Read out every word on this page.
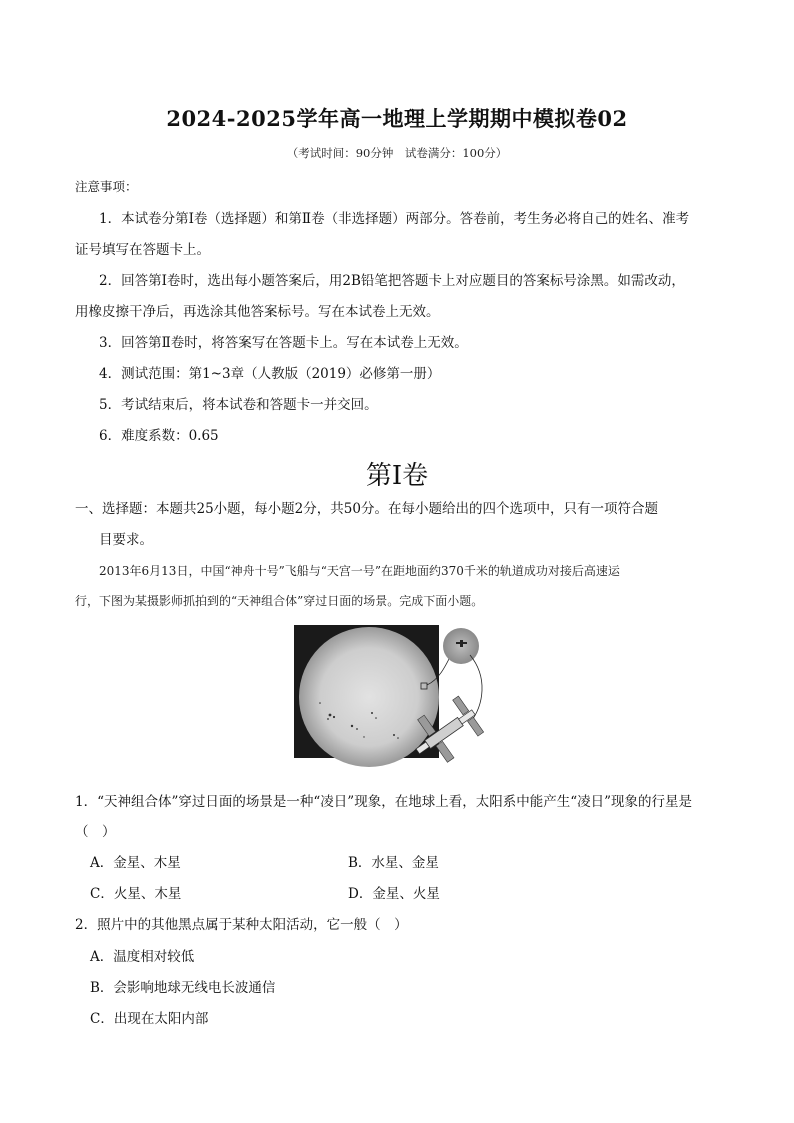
2024-2025学年高一地理上学期期中模拟卷02
（考试时间：90分钟　试卷满分：100分）
注意事项：
1．本试卷分第Ⅰ卷（选择题）和第Ⅱ卷（非选择题）两部分。答卷前，考生务必将自己的姓名、准考
证号填写在答题卡上。
2．回答第Ⅰ卷时，选出每小题答案后，用2B铅笔把答题卡上对应题目的答案标号涂黑。如需改动，
用橡皮擦干净后，再选涂其他答案标号。写在本试卷上无效。
3．回答第Ⅱ卷时，将答案写在答题卡上。写在本试卷上无效。
4．测试范围：第1~3章（人教版（2019）必修第一册）
5．考试结束后，将本试卷和答题卡一并交回。
6．难度系数：0.65
第Ⅰ卷
一、选择题：本题共25小题，每小题2分，共50分。在每小题给出的四个选项中，只有一项符合题
目要求。
2013年6月13日，中国“神舟十号”飞船与“天宫一号”在距地面约370千米的轨道成功对接后高速运
行，下图为某摄影师抓拍到的“天神组合体”穿过日面的场景。完成下面小题。
1．“天神组合体”穿过日面的场景是一种“凌日”现象，在地球上看，太阳系中能产生“凌日”现象的行星是
（　）
A．金星、木星	B．水星、金星
C．火星、木星	D．金星、火星
2．照片中的其他黑点属于某种太阳活动，它一般（　）
A．温度相对较低
B．会影响地球无线电长波通信
C．出现在太阳内部
